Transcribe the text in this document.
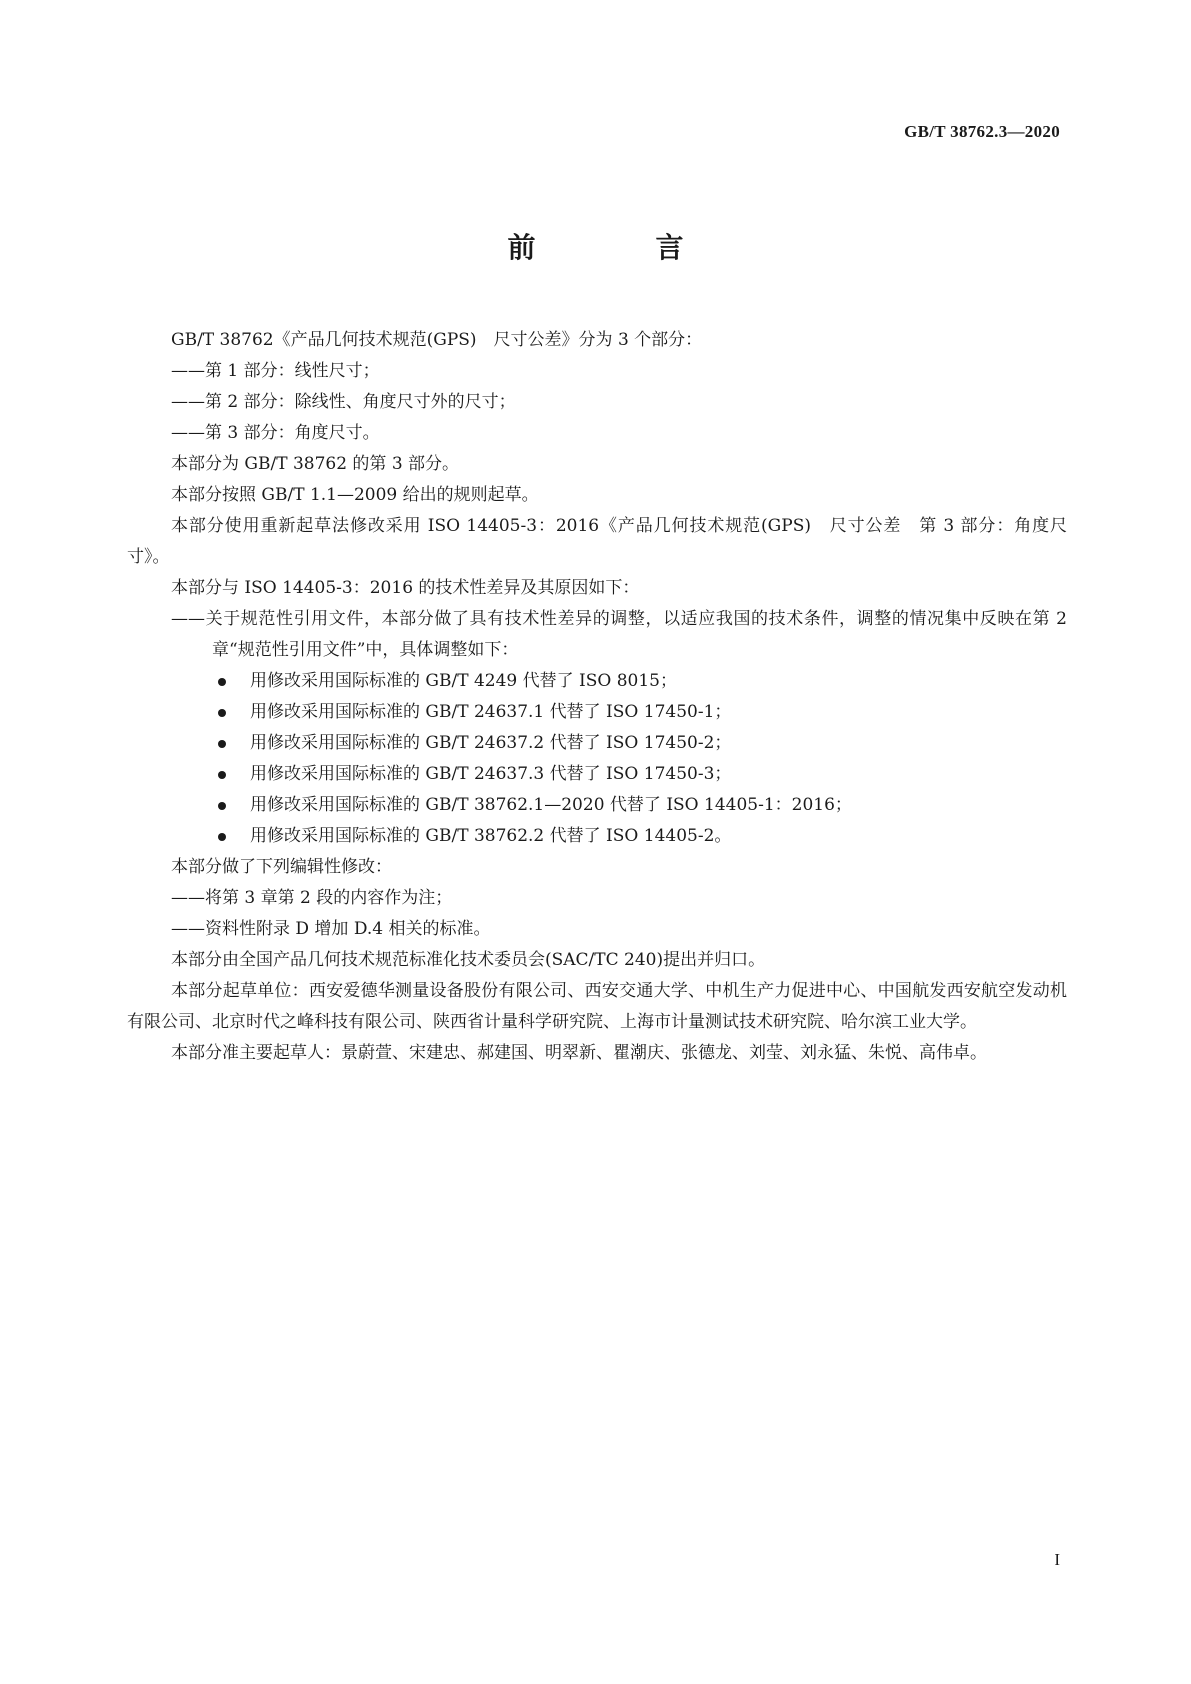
GB/T 38762.3—2020
前　言

GB/T 38762《产品几何技术规范(GPS)　尺寸公差》分为 3 个部分：

——第 1 部分：线性尺寸；

——第 2 部分：除线性、角度尺寸外的尺寸；

——第 3 部分：角度尺寸。

本部分为 GB/T 38762 的第 3 部分。

本部分按照 GB/T 1.1—2009 给出的规则起草。

本部分使用重新起草法修改采用 ISO 14405-3：2016《产品几何技术规范(GPS)　尺寸公差　第 3 部分：角度尺寸》。

本部分与 ISO 14405-3：2016 的技术性差异及其原因如下：

——关于规范性引用文件，本部分做了具有技术性差异的调整，以适应我国的技术条件，调整的情况集中反映在第 2 章“规范性引用文件”中，具体调整如下：

用修改采用国际标准的 GB/T 4249 代替了 ISO 8015；

用修改采用国际标准的 GB/T 24637.1 代替了 ISO 17450-1；

用修改采用国际标准的 GB/T 24637.2 代替了 ISO 17450-2；

用修改采用国际标准的 GB/T 24637.3 代替了 ISO 17450-3；

用修改采用国际标准的 GB/T 38762.1—2020 代替了 ISO 14405-1：2016；

用修改采用国际标准的 GB/T 38762.2 代替了 ISO 14405-2。

本部分做了下列编辑性修改：

——将第 3 章第 2 段的内容作为注；

——资料性附录 D 增加 D.4 相关的标准。

本部分由全国产品几何技术规范标准化技术委员会(SAC/TC 240)提出并归口。

本部分起草单位：西安爱德华测量设备股份有限公司、西安交通大学、中机生产力促进中心、中国航发西安航空发动机有限公司、北京时代之峰科技有限公司、陕西省计量科学研究院、上海市计量测试技术研究院、哈尔滨工业大学。

本部分准主要起草人：景蔚萱、宋建忠、郝建国、明翠新、瞿潮庆、张德龙、刘莹、刘永猛、朱悦、高伟卓。

I
